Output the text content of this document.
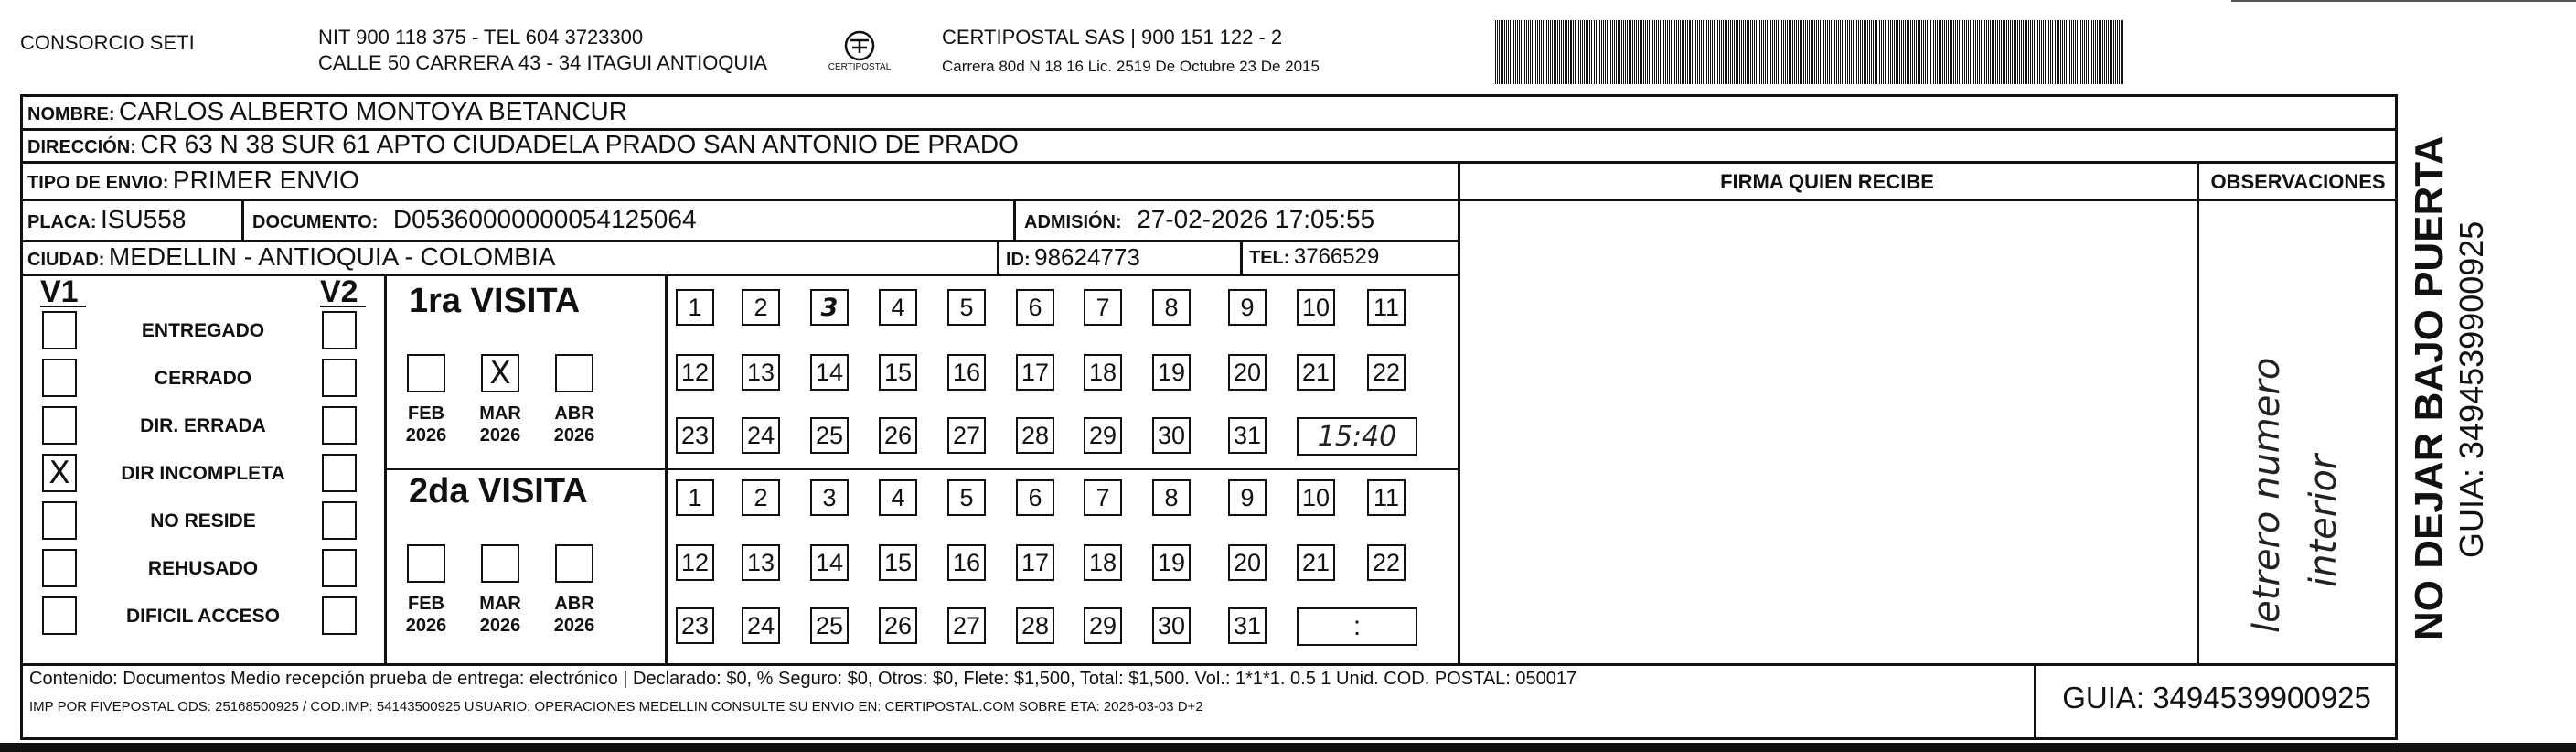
CONSORCIO SETI	NIT 900 118 375 - TEL 604 3723300
CALLE 50 CARRERA 43 - 34 ITAGUI ANTIOQUIA	CERTIPOSTAL
CERTIPOSTAL SAS | 900 151 122 - 2
Carrera 80d N 18 16 Lic. 2519 De Octubre 23 De 2015
NOMBRE: CARLOS ALBERTO MONTOYA BETANCUR
DIRECCIÓN: CR 63 N 38 SUR 61 APTO CIUDADELA PRADO SAN ANTONIO DE PRADO
TIPO DE ENVIO: PRIMER ENVIO
PLACA: ISU558	DOCUMENTO: D05360000000054125064	ADMISIÓN: 27-02-2026 17:05:55
CIUDAD: MEDELLIN - ANTIOQUIA - COLOMBIA	ID: 98624773	TEL: 3766529
FIRMA QUIEN RECIBE	OBSERVACIONES
letrero numero interior
V1	V2
ENTREGADO
CERRADO
DIR. ERRADA
X	DIR INCOMPLETA
NO RESIDE
REHUSADO
DIFICIL ACCESO
1ra VISITA
FEB
2026
X
MAR
2026
ABR
2026
1	2	3	4	5	6	7	8	9	10 11
12 13 14 15 16 17 18 19 20 21 22
23 24 25 26 27 28 29 30 31	15:40
2da VISITA
FEB
2026
MAR
2026
ABR
2026
1	2	3	4	5	6	7	8	9	10 11
12 13 14 15 16 17 18 19 20 21 22
23 24 25 26 27 28 29 30 31	:
Contenido: Documentos Medio recepción prueba de entrega: electrónico | Declarado: $0, % Seguro: $0, Otros: $0, Flete: $1,500, Total: $1,500. Vol.: 1*1*1. 0.5 1 Unid. COD. POSTAL: 050017
IMP POR FIVEPOSTAL ODS: 25168500925 / COD.IMP: 54143500925 USUARIO: OPERACIONES MEDELLIN CONSULTE SU ENVIO EN: CERTIPOSTAL.COM SOBRE ETA: 2026-03-03 D+2	GUIA: 3494539900925
NO DEJAR BAJO PUERTA GUIA: 3494539900925
